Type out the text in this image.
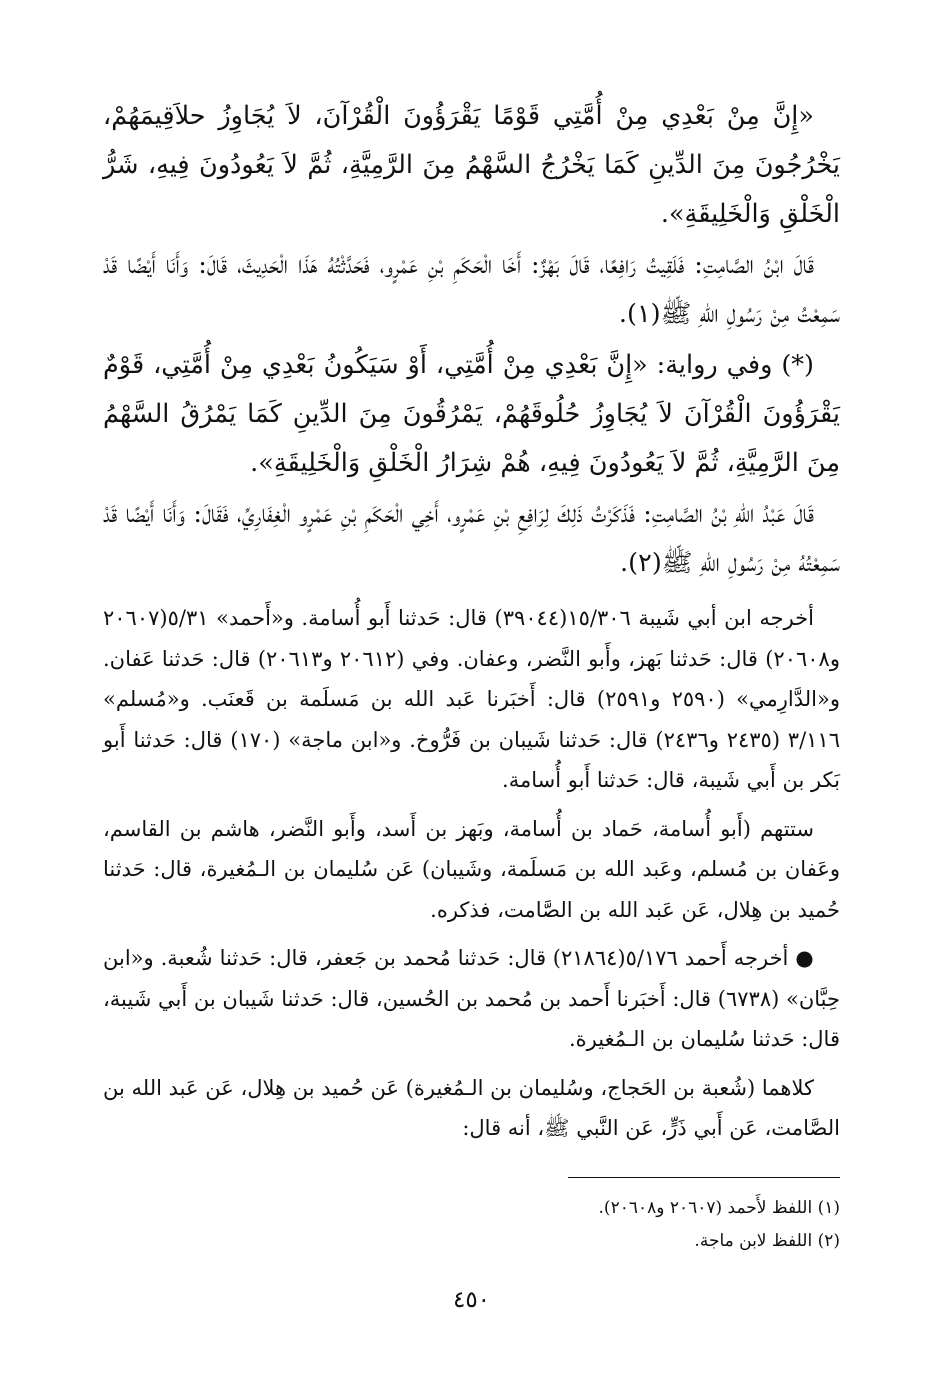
«إِنَّ مِنْ بَعْدِي مِنْ أُمَّتِي قَوْمًا يَقْرَؤُونَ الْقُرْآنَ، لاَ يُجَاوِزُ حلاَقِيمَهُمْ، يَخْرُجُونَ مِنَ الدِّينِ كَمَا يَخْرُجُ السَّهْمُ مِنَ الرَّمِيَّةِ، ثُمَّ لاَ يَعُودُونَ فِيهِ، شَرُّ الْخَلْقِ وَالْخَلِيقَةِ».

قَالَ ابْنُ الصَّامِتِ: فَلَقِيتُ رَافِعًا، قَالَ بَهْزٌ: أَخَا الْحَكَمِ بْنِ عَمْرٍو، فَحَدَّثْتُهُ هَذَا الْحَدِيثَ، قَالَ: وَأَنَا أَيْضًا قَدْ سَمِعْتُ مِنْ رَسُولِ اللهِ ﷺ(١).

(*) وفي رواية: «إِنَّ بَعْدِي مِنْ أُمَّتِي، أَوْ سَيَكُونُ بَعْدِي مِنْ أُمَّتِي، قَوْمٌ يَقْرَؤُونَ الْقُرْآنَ لاَ يُجَاوِزُ حُلُوقَهُمْ، يَمْرُقُونَ مِنَ الدِّينِ كَمَا يَمْرُقُ السَّهْمُ مِنَ الرَّمِيَّةِ، ثُمَّ لاَ يَعُودُونَ فِيهِ، هُمْ شِرَارُ الْخَلْقِ وَالْخَلِيقَةِ».

قَالَ عَبْدُ اللهِ بْنُ الصَّامِتِ: فَذَكَرْتُ ذَلِكَ لِرَافِعِ بْنِ عَمْرٍو، أَخِي الْحَكَمِ بْنِ عَمْرٍو الْغِفَارِيِّ، فَقَالَ: وَأَنَا أَيْضًا قَدْ سَمِعْتُهُ مِنْ رَسُولِ اللهِ ﷺ(٢).

أخرجه ابن أبي شَيبة ١٥/٣٠٦(٣٩٠٤٤) قال: حَدثنا أَبو أُسامة. و«أَحمد» ٥/٣١(٢٠٦٠٧ و٢٠٦٠٨) قال: حَدثنا بَهز، وأَبو النَّضر، وعفان. وفي (٢٠٦١٢ و٢٠٦١٣) قال: حَدثنا عَفان. و«الدَّارِمي» (٢٥٩٠ و٢٥٩١) قال: أَخبَرنا عَبد الله بن مَسلَمة بن قَعنَب. و«مُسلم» ٣/١١٦ (٢٤٣٥ و٢٤٣٦) قال: حَدثنا شَيبان بن فَرُّوخ. و«ابن ماجة» (١٧٠) قال: حَدثنا أَبو بَكر بن أَبي شَيبة، قال: حَدثنا أَبو أُسامة.

ستتهم (أَبو أُسامة، حَماد بن أُسامة، وبَهز بن أَسد، وأَبو النَّضر، هاشم بن القاسم، وعَفان بن مُسلم، وعَبد الله بن مَسلَمة، وشَيبان) عَن سُليمان بن الـمُغيرة، قال: حَدثنا حُميد بن هِلال، عَن عَبد الله بن الصَّامت، فذكره.

● أخرجه أَحمد ٥/١٧٦(٢١٨٦٤) قال: حَدثنا مُحمد بن جَعفر، قال: حَدثنا شُعبة. و«ابن حِبَّان» (٦٧٣٨) قال: أَخبَرنا أَحمد بن مُحمد بن الحُسين، قال: حَدثنا شَيبان بن أَبي شَيبة، قال: حَدثنا سُليمان بن الـمُغيرة.

كلاهما (شُعبة بن الحَجاج، وسُليمان بن الـمُغيرة) عَن حُميد بن هِلال، عَن عَبد الله بن الصَّامت، عَن أَبي ذَرٍّ، عَن النَّبي ﷺ، أنه قال:

(١) اللفظ لأَحمد (٢٠٦٠٧ و٢٠٦٠٨).

(٢) اللفظ لابن ماجة.

٤٥٠
